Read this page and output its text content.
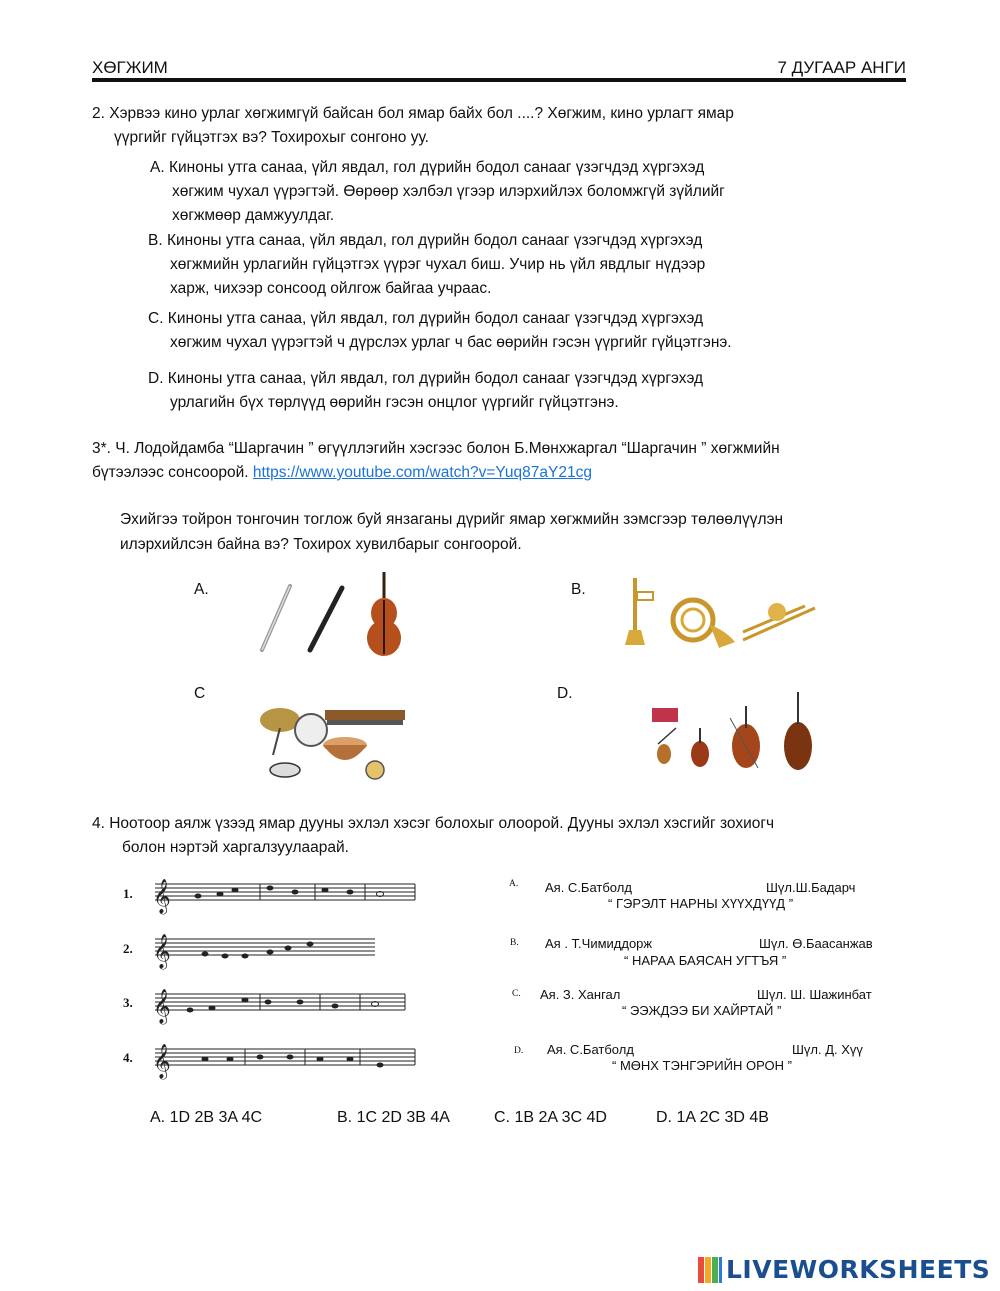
ХӨГЖИМ	7 ДУГААР АНГИ
2. Хэрвээ кино урлаг хөгжимгүй байсан бол ямар байх бол ....? Хөгжим, кино урлагт ямар
үүргийг гүйцэтгэх вэ? Тохирохыг сонгоно уу.
A. Киноны утга санаа, үйл явдал, гол дүрийн бодол санааг үзэгчдэд хүргэхэд
хөгжим чухал үүрэгтэй. Өөрөөр хэлбэл үгээр илэрхийлэх боломжгүй зүйлийг
хөгжмөөр дамжуулдаг.
B. Киноны утга санаа, үйл явдал, гол дүрийн бодол санааг үзэгчдэд хүргэхэд
хөгжмийн урлагийн гүйцэтгэх үүрэг чухал биш. Учир нь үйл явдлыг нүдээр
харж, чихээр сонсоод ойлгож байгаа учраас.
C. Киноны утга санаа, үйл явдал, гол дүрийн бодол санааг үзэгчдэд хүргэхэд
хөгжим чухал үүрэгтэй ч дүрслэх урлаг ч бас өөрийн гэсэн үүргийг гүйцэтгэнэ.
D. Киноны утга санаа, үйл явдал, гол дүрийн бодол санааг үзэгчдэд хүргэхэд
урлагийн бүх төрлүүд өөрийн гэсэн онцлог үүргийг гүйцэтгэнэ.
3*. Ч. Лодойдамба “Шаргачин ” өгүүллэгийн хэсгээс болон Б.Мөнхжаргал “Шаргачин ” хөгжмийн
бүтээлээс сонсоорой. https://www.youtube.com/watch?v=Yuq87aY21cg
Эхийгээ тойрон тонгочин тоглож буй янзаганы дүрийг ямар хөгжмийн зэмсгээр төлөөлүүлэн
илэрхийлсэн байна вэ? Тохирох хувилбарыг сонгоорой.
A.	B.
C	D.
4. Ноотоор аялж үзээд ямар дууны эхлэл хэсэг болохыг олоорой. Дууны эхлэл хэсгийг зохиогч
болон нэртэй харгалзуулаарай.
1.
2.
3.
4.
𝄞
𝄞
𝄞
𝄞
A. Ая. С.Батболд	Шүл.Ш.Бадарч
“ ГЭРЭЛТ НАРНЫ ХҮҮХДҮҮД ”
B. Ая . Т.Чимиддорж	Шүл. Ө.Баасанжав
“ НАРАА БАЯСАН УГТЪЯ ”
C. Ая. З. Хангал	Шүл. Ш. Шажинбат
“ ЭЭЖДЭЭ БИ ХАЙРТАЙ ”
D. Ая. С.Батболд	Шүл. Д. Хүү
“ МӨНХ ТЭНГЭРИЙН ОРОН ”
A. 1D 2B 3A 4C	B. 1C 2D 3B 4A	C. 1B 2A 3C 4D	D. 1A 2C 3D 4B
LIVEWORKSHEETS
